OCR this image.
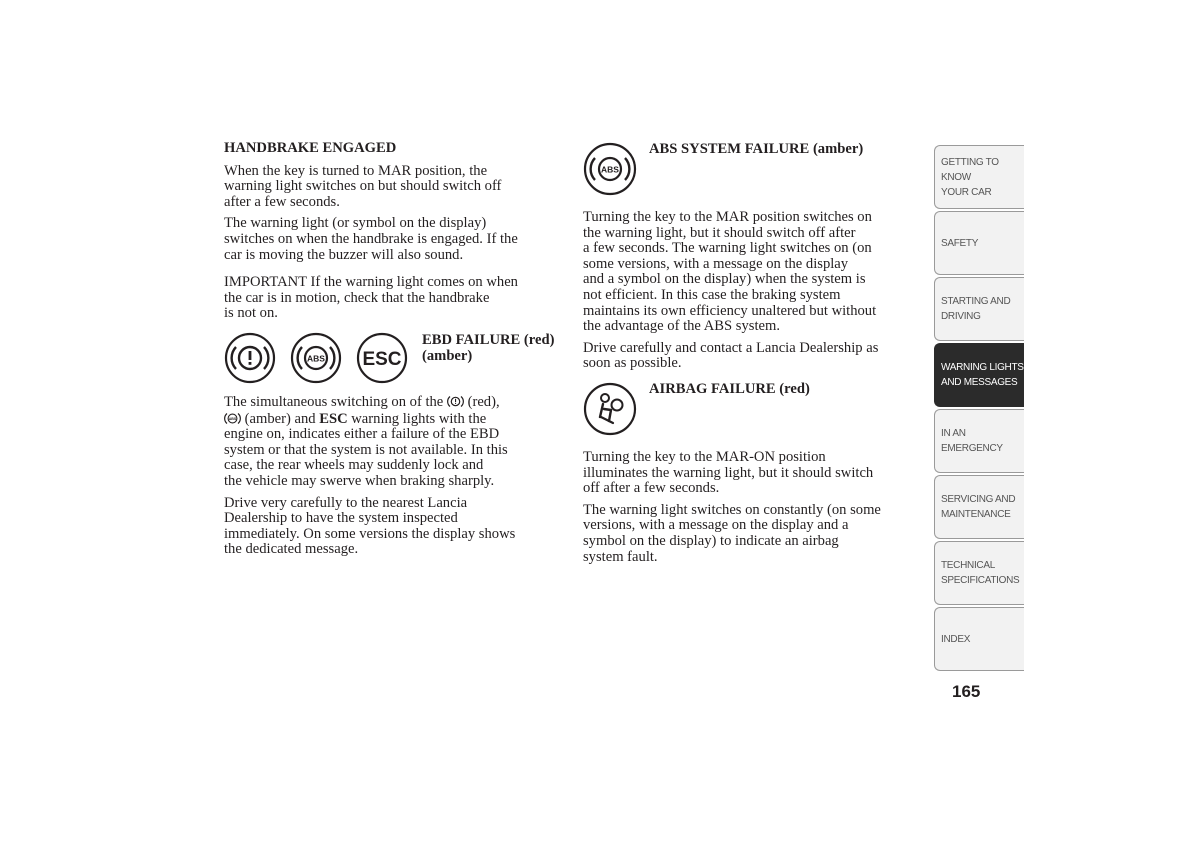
HANDBRAKE ENGAGED
When the key is turned to MAR position, the
warning light switches on but should switch off
after a few seconds.
The warning light (or symbol on the display)
switches on when the handbrake is engaged. If the
car is moving the buzzer will also sound.
IMPORTANT If the warning light comes on when
the car is in motion, check that the handbrake
is not on.
ABS ESC
EBD FAILURE (red)
(amber)
The simultaneous switching on of the (red),
ABS (amber) and ESC warning lights with the
engine on, indicates either a failure of the EBD
system or that the system is not available. In this
case, the rear wheels may suddenly lock and
the vehicle may swerve when braking sharply.
Drive very carefully to the nearest Lancia
Dealership to have the system inspected
immediately. On some versions the display shows
the dedicated message.
ABS
ABS SYSTEM FAILURE (amber)
Turning the key to the MAR position switches on
the warning light, but it should switch off after
a few seconds. The warning light switches on (on
some versions, with a message on the display
and a symbol on the display) when the system is
not efficient. In this case the braking system
maintains its own efficiency unaltered but without
the advantage of the ABS system.
Drive carefully and contact a Lancia Dealership as
soon as possible.
AIRBAG FAILURE (red)
Turning the key to the MAR-ON position
illuminates the warning light, but it should switch
off after a few seconds.
The warning light switches on constantly (on some
versions, with a message on the display and a
symbol on the display) to indicate an airbag
system fault.
GETTING TO KNOW
YOUR CAR
SAFETY
STARTING AND
DRIVING
WARNING LIGHTS
AND MESSAGES
IN AN EMERGENCY
SERVICING AND
MAINTENANCE
TECHNICAL
SPECIFICATIONS
INDEX
165
